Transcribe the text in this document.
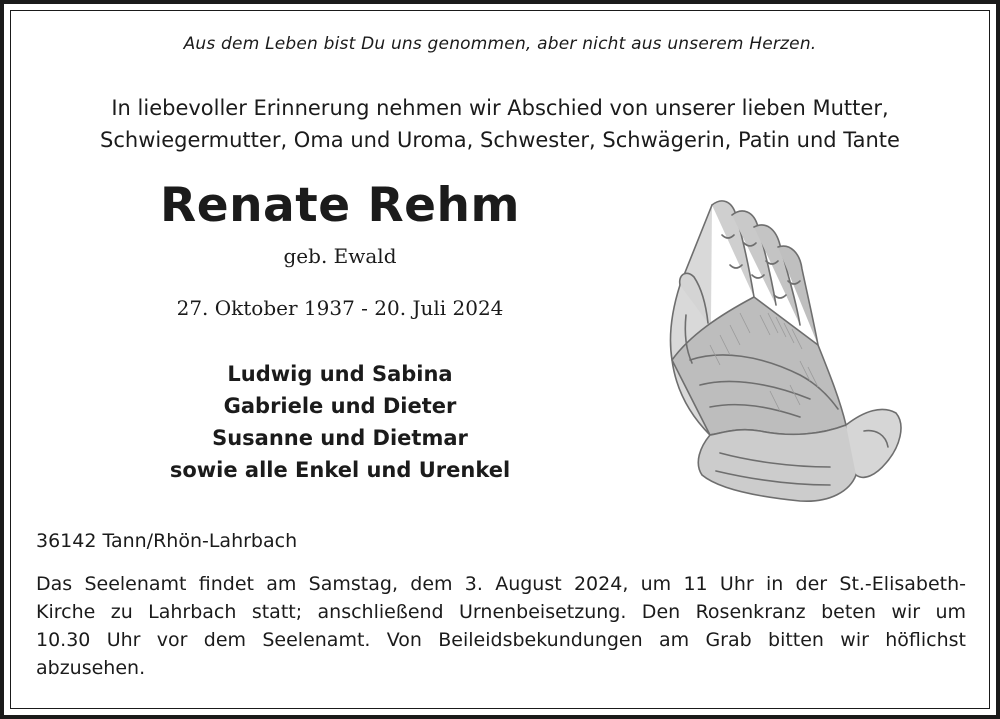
Aus dem Leben bist Du uns genommen, aber nicht aus unserem Herzen.
In liebevoller Erinnerung nehmen wir Abschied von unserer lieben Mutter,
Schwiegermutter, Oma und Uroma, Schwester, Schwägerin, Patin und Tante
Renate Rehm
geb. Ewald
27. Oktober 1937 - 20. Juli 2024
Ludwig und Sabina
Gabriele und Dieter
Susanne und Dietmar
sowie alle Enkel und Urenkel
36142 Tann/Rhön-Lahrbach
Das Seelenamt findet am Samstag, dem 3. August 2024, um 11 Uhr in der St.-Elisabeth-
Kirche zu Lahrbach statt; anschließend Urnenbeisetzung. Den Rosenkranz beten wir um
10.30 Uhr vor dem Seelenamt. Von Beileidsbekundungen am Grab bitten wir höflichst
abzusehen.
